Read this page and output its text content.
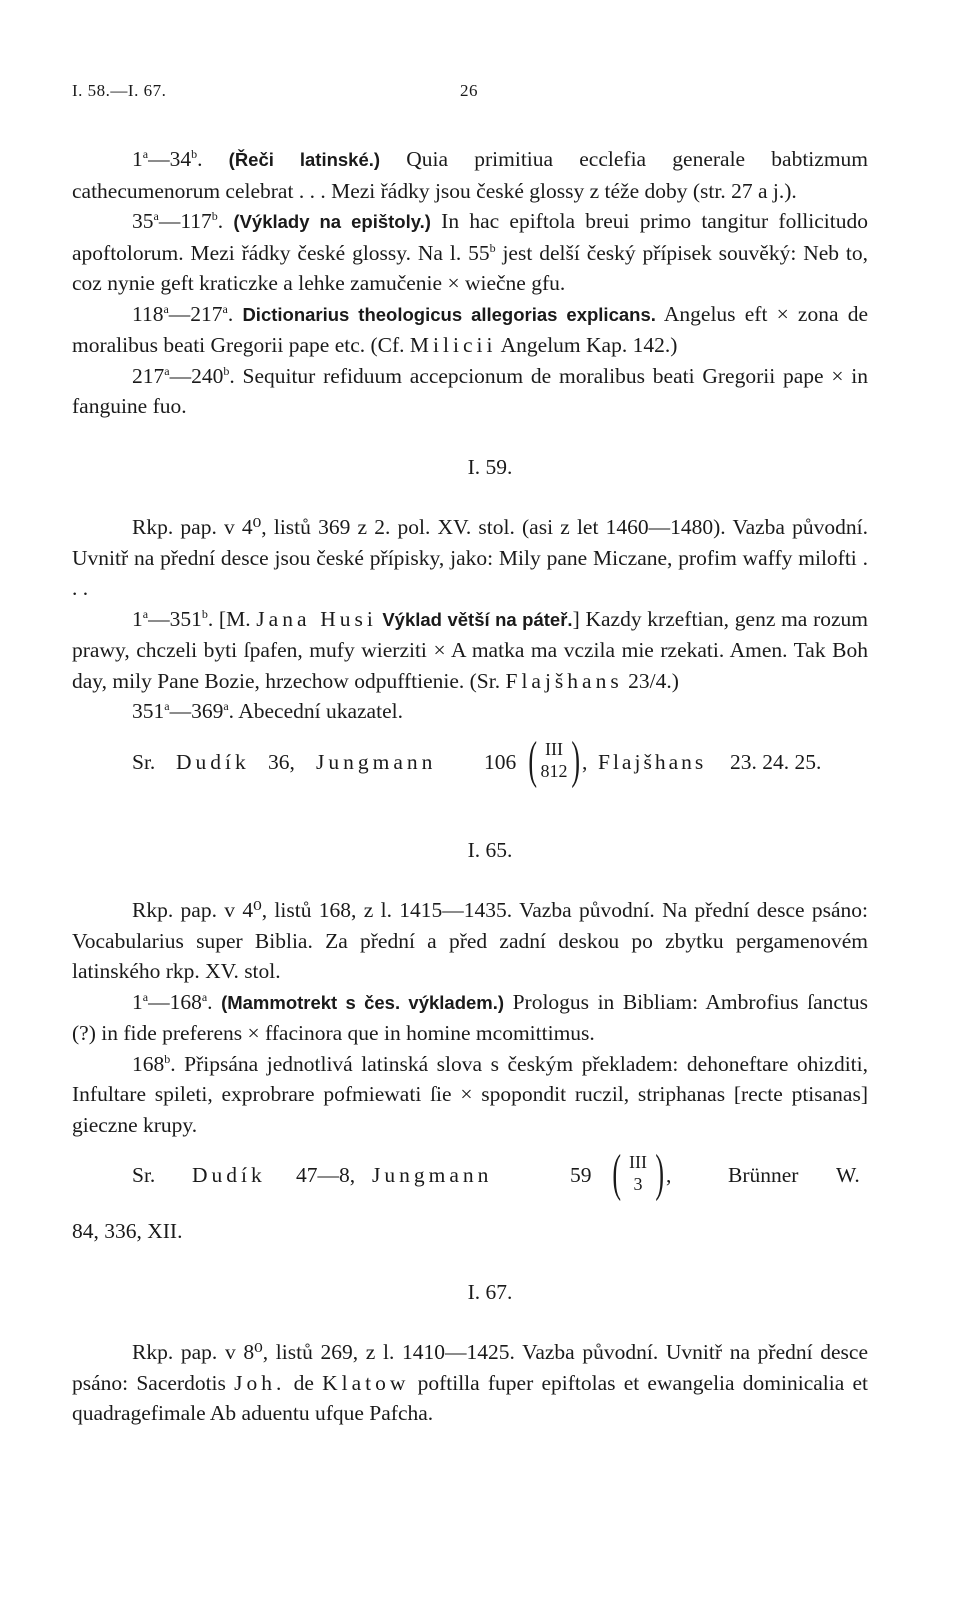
I. 58.—I. 67.	26

1$^a$—34$^b$. (Řeči latinské.) Quia primitiua ecclefia generale babtizmum cathecumenorum celebrat . . . Mezi řádky jsou české glossy z téže doby (str. 27 a j.).

35$^a$—117$^b$. (Výklady na epištoly.) In hac epiftola breui primo tangitur follicitudo apoftolorum. Mezi řádky české glossy. Na l. 55$^b$ jest delší český přípisek souvěký: Neb to, coz nynie geft kraticzke a lehke zamučenie × wiečne gfu.

118$^a$—217$^a$. Dictionarius theologicus allegorias explicans. Angelus eft × zona de moralibus beati Gregorii pape etc. (Cf. Milicii Angelum Kap. 142.)

217$^a$—240$^b$. Sequitur refiduum accepcionum de moralibus beati Gregorii pape × in fanguine fuo.

I. 59.

Rkp. pap. v 4⁰, listů 369 z 2. pol. XV. stol. (asi z let 1460—1480). Vazba původní. Uvnitř na přední desce jsou české přípisky, jako: Mily pane Miczane, profim waffy milofti . . .

1$^a$—351$^b$. [M. Jana Husi Výklad větší na páteř.] Kazdy krzeftian, genz ma rozum prawy, chczeli byti ſpafen, mufy wierziti × A matka ma vczila mie rzekati. Amen. Tak Boh day, mily Pane Bozie, hrzechow odpufftienie. (Sr. Flajšhans 23/4.)

351$^a$—369$^a$. Abecední ukazatel.

Sr. Dudík 36, Jungmann 106 ( III
812 ) , Flajšhans 23. 24. 25.
I. 65.

Rkp. pap. v 4⁰, listů 168, z l. 1415—1435. Vazba původní. Na přední desce psáno: Vocabularius super Biblia. Za přední a před zadní deskou po zbytku pergamenovém latinského rkp. XV. stol.

1$^a$—168$^a$. (Mammotrekt s čes. výkladem.) Prologus in Bibliam: Ambrofius ſanctus (?) in fide preferens × ffacinora que in homine mcomittimus.

168$^b$. Připsána jednotlivá latinská slova s českým překladem: dehoneftare ohizditi, Infultare spileti, exprobrare pofmiewati ſie × spopondit ruczil, striphanas [recte ptisanas] gieczne krupy.

Sr. Dudík 47—8, Jungmann	59 ( III
3 ) ,	Brünner W.

84, 336, XII.

I. 67.

Rkp. pap. v 8⁰, listů 269, z l. 1410—1425. Vazba původní. Uvnitř na přední desce psáno: Sacerdotis Joh. de Klatow poftilla fuper epiftolas et ewangelia dominicalia et quadragefimale Ab aduentu ufque Pafcha.
